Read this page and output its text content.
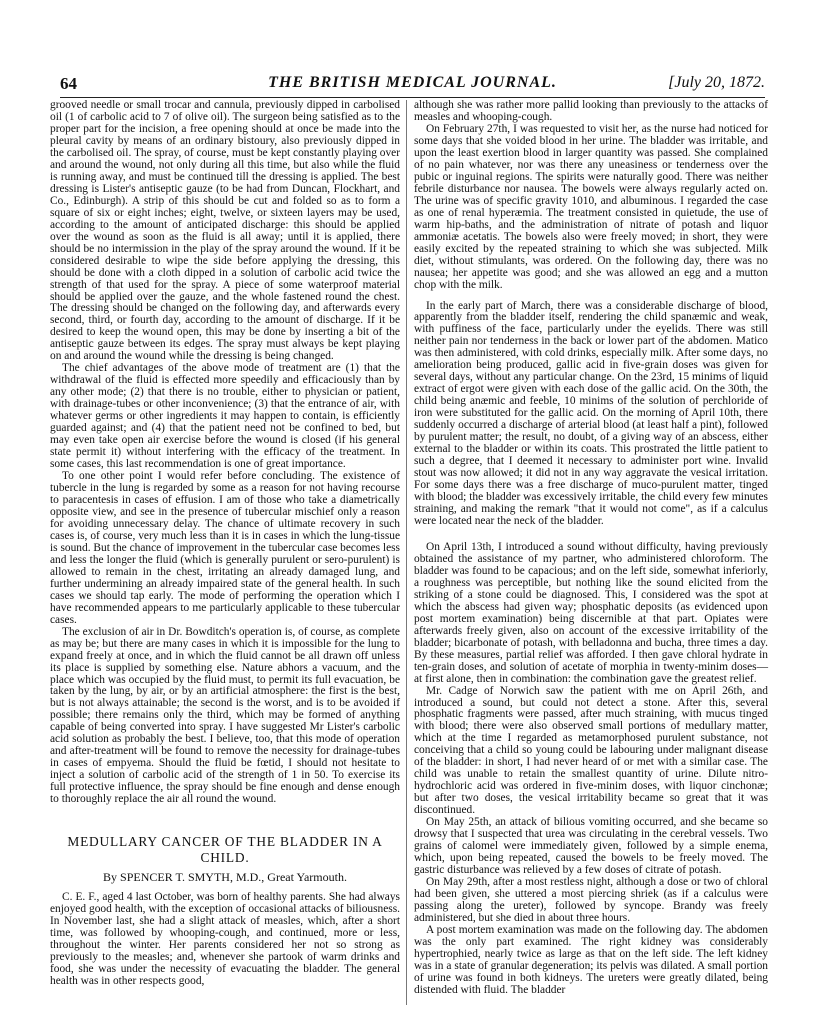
64	THE BRITISH MEDICAL JOURNAL.	[July 20, 1872.

grooved needle or small trocar and cannula, previously dipped in carbolised oil (1 of carbolic acid to 7 of olive oil). The surgeon being satisfied as to the proper part for the incision, a free opening should at once be made into the pleural cavity by means of an ordinary bistoury, also previously dipped in the carbolised oil. The spray, of course, must be kept constantly playing over and around the wound, not only during all this time, but also while the fluid is running away, and must be continued till the dressing is applied. The best dressing is Lister's antiseptic gauze (to be had from Duncan, Flockhart, and Co., Edinburgh). A strip of this should be cut and folded so as to form a square of six or eight inches; eight, twelve, or sixteen layers may be used, according to the amount of anticipated discharge: this should be applied over the wound as soon as the fluid is all away; until it is applied, there should be no intermission in the play of the spray around the wound. If it be considered desirable to wipe the side before applying the dressing, this should be done with a cloth dipped in a solution of carbolic acid twice the strength of that used for the spray. A piece of some waterproof material should be applied over the gauze, and the whole fastened round the chest. The dressing should be changed on the following day, and afterwards every second, third, or fourth day, according to the amount of discharge. If it be desired to keep the wound open, this may be done by inserting a bit of the antiseptic gauze between its edges. The spray must always be kept playing on and around the wound while the dressing is being changed.

The chief advantages of the above mode of treatment are (1) that the withdrawal of the fluid is effected more speedily and efficaciously than by any other mode; (2) that there is no trouble, either to physician or patient, with drainage-tubes or other inconvenience; (3) that the entrance of air, with whatever germs or other ingredients it may happen to contain, is efficiently guarded against; and (4) that the patient need not be confined to bed, but may even take open air exercise before the wound is closed (if his general state permit it) without interfering with the efficacy of the treatment. In some cases, this last recommendation is one of great importance.

To one other point I would refer before concluding. The existence of tubercle in the lung is regarded by some as a reason for not having recourse to paracentesis in cases of effusion. I am of those who take a diametrically opposite view, and see in the presence of tubercular mischief only a reason for avoiding unnecessary delay. The chance of ultimate recovery in such cases is, of course, very much less than it is in cases in which the lung-tissue is sound. But the chance of improvement in the tubercular case becomes less and less the longer the fluid (which is generally purulent or sero-purulent) is allowed to remain in the chest, irritating an already damaged lung, and further undermining an already impaired state of the general health. In such cases we should tap early. The mode of performing the operation which I have recommended appears to me particularly applicable to these tubercular cases.

The exclusion of air in Dr. Bowditch's operation is, of course, as complete as may be; but there are many cases in which it is impossible for the lung to expand freely at once, and in which the fluid cannot be all drawn off unless its place is supplied by something else. Nature abhors a vacuum, and the place which was occupied by the fluid must, to permit its full evacuation, be taken by the lung, by air, or by an artificial atmosphere: the first is the best, but is not always attainable; the second is the worst, and is to be avoided if possible; there remains only the third, which may be formed of anything capable of being converted into spray. I have suggested Mr Lister's carbolic acid solution as probably the best. I believe, too, that this mode of operation and after-treatment will be found to remove the necessity for drainage-tubes in cases of empyema. Should the fluid be fœtid, I should not hesitate to inject a solution of carbolic acid of the strength of 1 in 50. To exercise its full protective influence, the spray should be fine enough and dense enough to thoroughly replace the air all round the wound.

MEDULLARY CANCER OF THE BLADDER IN A CHILD.
By SPENCER T. SMYTH, M.D., Great Yarmouth.

C. E. F., aged 4 last October, was born of healthy parents. She had always enjoyed good health, with the exception of occasional attacks of biliousness. In November last, she had a slight attack of measles, which, after a short time, was followed by whooping-cough, and continued, more or less, throughout the winter. Her parents considered her not so strong as previously to the measles; and, whenever she partook of warm drinks and food, she was under the necessity of evacuating the bladder. The general health was in other respects good,

although she was rather more pallid looking than previously to the attacks of measles and whooping-cough.

On February 27th, I was requested to visit her, as the nurse had noticed for some days that she voided blood in her urine. The bladder was irritable, and upon the least exertion blood in larger quantity was passed. She complained of no pain whatever, nor was there any uneasiness or tenderness over the pubic or inguinal regions. The spirits were naturally good. There was neither febrile disturbance nor nausea. The bowels were always regularly acted on. The urine was of specific gravity 1010, and albuminous. I regarded the case as one of renal hyperæmia. The treatment consisted in quietude, the use of warm hip-baths, and the administration of nitrate of potash and liquor ammoniæ acetatis. The bowels also were freely moved; in short, they were easily excited by the repeated straining to which she was subjected. Milk diet, without stimulants, was ordered. On the following day, there was no nausea; her appetite was good; and she was allowed an egg and a mutton chop with the milk.

In the early part of March, there was a considerable discharge of blood, apparently from the bladder itself, rendering the child spanæmic and weak, with puffiness of the face, particularly under the eyelids. There was still neither pain nor tenderness in the back or lower part of the abdomen. Matico was then administered, with cold drinks, especially milk. After some days, no amelioration being produced, gallic acid in five-grain doses was given for several days, without any particular change. On the 23rd, 15 minims of liquid extract of ergot were given with each dose of the gallic acid. On the 30th, the child being anæmic and feeble, 10 minims of the solution of perchloride of iron were substituted for the gallic acid. On the morning of April 10th, there suddenly occurred a discharge of arterial blood (at least half a pint), followed by purulent matter; the result, no doubt, of a giving way of an abscess, either external to the bladder or within its coats. This prostrated the little patient to such a degree, that I deemed it necessary to administer port wine. Invalid stout was now allowed; it did not in any way aggravate the vesical irritation. For some days there was a free discharge of muco-purulent matter, tinged with blood; the bladder was excessively irritable, the child every few minutes straining, and making the remark "that it would not come", as if a calculus were located near the neck of the bladder.

On April 13th, I introduced a sound without difficulty, having previously obtained the assistance of my partner, who administered chloroform. The bladder was found to be capacious; and on the left side, somewhat inferiorly, a roughness was perceptible, but nothing like the sound elicited from the striking of a stone could be diagnosed. This, I considered was the spot at which the abscess had given way; phosphatic deposits (as evidenced upon post mortem examination) being discernible at that part. Opiates were afterwards freely given, also on account of the excessive irritability of the bladder; bicarbonate of potash, with belladonna and bucha, three times a day. By these measures, partial relief was afforded. I then gave chloral hydrate in ten-grain doses, and solution of acetate of morphia in twenty-minim doses—at first alone, then in combination: the combination gave the greatest relief.

Mr. Cadge of Norwich saw the patient with me on April 26th, and introduced a sound, but could not detect a stone. After this, several phosphatic fragments were passed, after much straining, with mucus tinged with blood; there were also observed small portions of medullary matter, which at the time I regarded as metamorphosed purulent substance, not conceiving that a child so young could be labouring under malignant disease of the bladder: in short, I had never heard of or met with a similar case. The child was unable to retain the smallest quantity of urine. Dilute nitro-hydrochloric acid was ordered in five-minim doses, with liquor cinchonæ; but after two doses, the vesical irritability became so great that it was discontinued.

On May 25th, an attack of bilious vomiting occurred, and she became so drowsy that I suspected that urea was circulating in the cerebral vessels. Two grains of calomel were immediately given, followed by a simple enema, which, upon being repeated, caused the bowels to be freely moved. The gastric disturbance was relieved by a few doses of citrate of potash.

On May 29th, after a most restless night, although a dose or two of chloral had been given, she uttered a most piercing shriek (as if a calculus were passing along the ureter), followed by syncope. Brandy was freely administered, but she died in about three hours.

A post mortem examination was made on the following day. The abdomen was the only part examined. The right kidney was considerably hypertrophied, nearly twice as large as that on the left side. The left kidney was in a state of granular degeneration; its pelvis was dilated. A small portion of urine was found in both kidneys. The ureters were greatly dilated, being distended with fluid. The bladder
